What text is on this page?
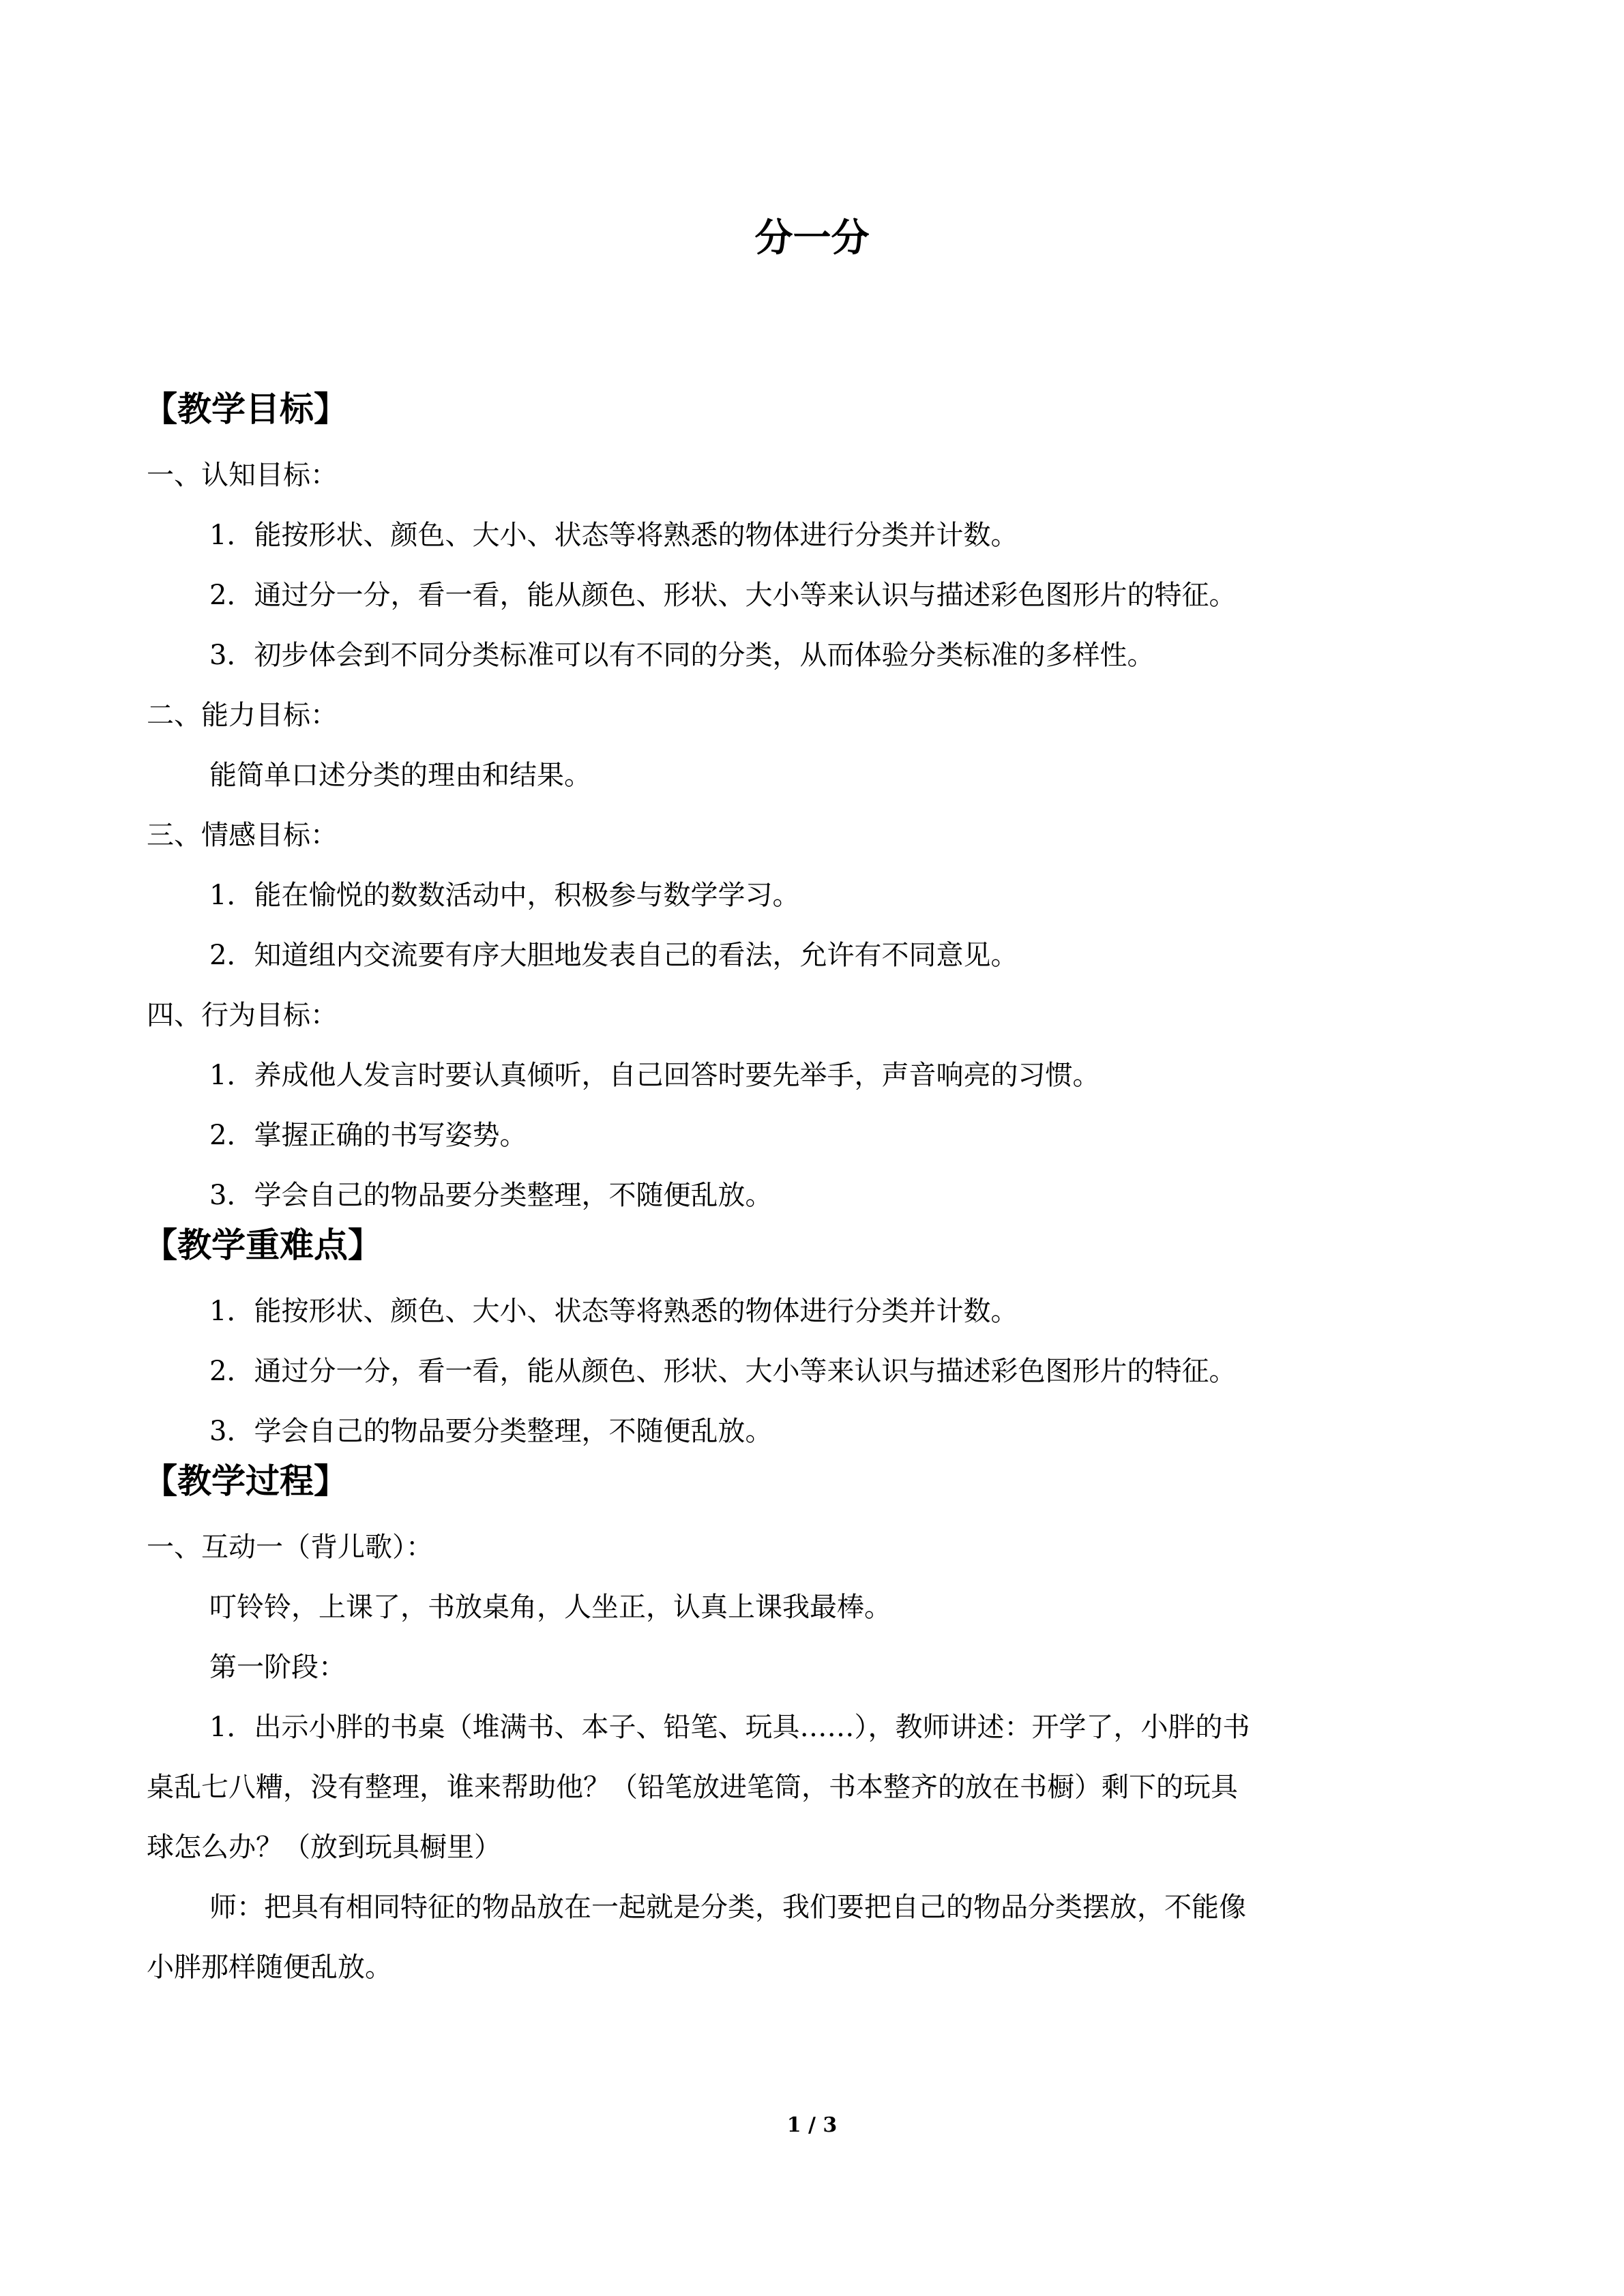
分一分
【教学目标】
一、认知目标：
1．能按形状、颜色、大小、状态等将熟悉的物体进行分类并计数。
2．通过分一分，看一看，能从颜色、形状、大小等来认识与描述彩色图形片的特征。
3．初步体会到不同分类标准可以有不同的分类，从而体验分类标准的多样性。
二、能力目标：
能简单口述分类的理由和结果。
三、情感目标：
1．能在愉悦的数数活动中，积极参与数学学习。
2．知道组内交流要有序大胆地发表自己的看法，允许有不同意见。
四、行为目标：
1．养成他人发言时要认真倾听，自己回答时要先举手，声音响亮的习惯。
2．掌握正确的书写姿势。
3．学会自己的物品要分类整理，不随便乱放。
【教学重难点】
1．能按形状、颜色、大小、状态等将熟悉的物体进行分类并计数。
2．通过分一分，看一看，能从颜色、形状、大小等来认识与描述彩色图形片的特征。
3．学会自己的物品要分类整理，不随便乱放。
【教学过程】
一、互动一（背儿歌）：
叮铃铃，上课了，书放桌角，人坐正，认真上课我最棒。
第一阶段：
1．出示小胖的书桌（堆满书、本子、铅笔、玩具……），教师讲述：开学了，小胖的书
桌乱七八糟，没有整理，谁来帮助他？（铅笔放进笔筒，书本整齐的放在书橱）剩下的玩具
球怎么办？（放到玩具橱里）
师：把具有相同特征的物品放在一起就是分类，我们要把自己的物品分类摆放，不能像
小胖那样随便乱放。
1 / 3
